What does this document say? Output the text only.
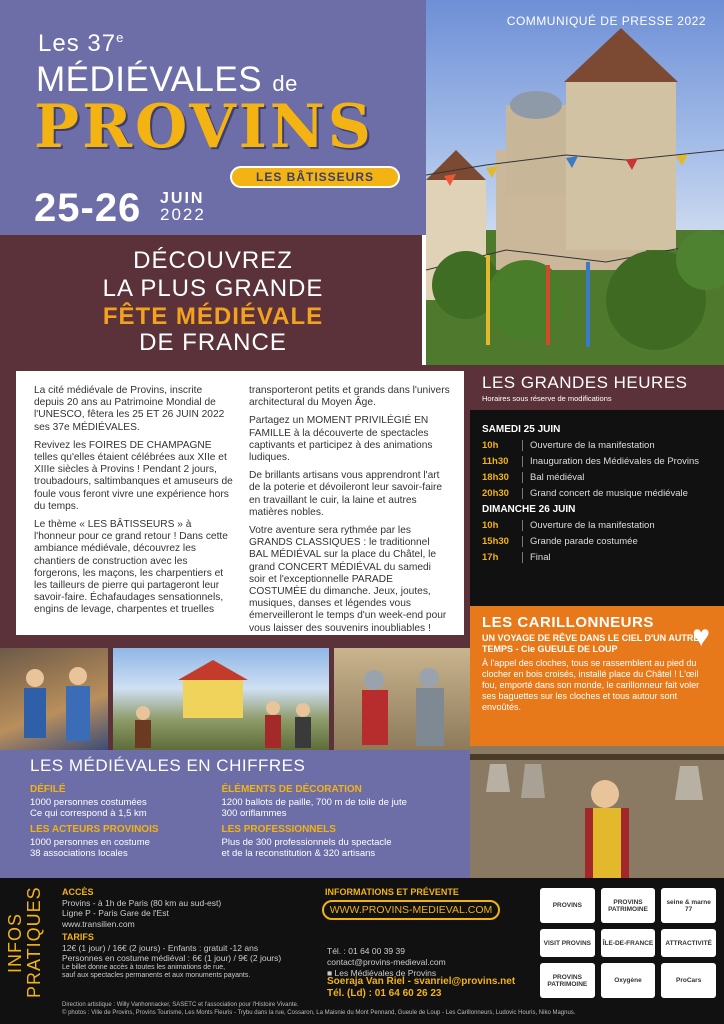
Les 37e
MÉDIÉVALES de
PROVINS
LES BÂTISSEURS
25-26 JUIN
2022
COMMUNIQUÉ DE PRESSE 2022
DÉCOUVREZ
LA PLUS GRANDE
FÊTE MÉDIÉVALE
DE FRANCE

La cité médiévale de Provins, inscrite depuis 20 ans au Patrimoine Mondial de l'UNESCO, fêtera les 25 ET 26 JUIN 2022 ses 37e MÉDIÉVALES.

Revivez les FOIRES DE CHAMPAGNE telles qu'elles étaient célébrées aux XIIe et XIIIe siècles à Provins ! Pendant 2 jours, troubadours, saltimbanques et amuseurs de foule vous feront vivre une expérience hors du temps.

Le thème « LES BÂTISSEURS » à l'honneur pour ce grand retour ! Dans cette ambiance médiévale, découvrez les chantiers de construction avec les forgerons, les maçons, les charpentiers et les tailleurs de pierre qui partageront leur savoir-faire. Échafaudages sensationnels, engins de levage, charpentes et truelles

transporteront petits et grands dans l'univers architectural du Moyen Âge.

Partagez un MOMENT PRIVILÉGIÉ EN FAMILLE à la découverte de spectacles captivants et participez à des animations ludiques.

De brillants artisans vous apprendront l'art de la poterie et dévoileront leur savoir-faire en travaillant le cuir, la laine et autres matières nobles.

Votre aventure sera rythmée par les GRANDS CLASSIQUES : le traditionnel BAL MÉDIÉVAL sur la place du Châtel, le grand CONCERT MÉDIÉVAL du samedi soir et l'exceptionnelle PARADE COSTUMÉE du dimanche. Jeux, joutes, musiques, danses et légendes vous émerveilleront le temps d'un week-end pour vous laisser des souvenirs inoubliables !

LES GRANDES HEURES
Horaires sous réserve de modifications
SAMEDI 25 JUIN
10h	Ouverture de la manifestation
11h30	Inauguration des Médiévales de Provins
18h30	Bal médiéval
20h30	Grand concert de musique médiévale
DIMANCHE 26 JUIN
10h	Ouverture de la manifestation
15h30	Grande parade costumée
17h	Final
LES CARILLONNEURS
UN VOYAGE DE RÊVE DANS LE CIEL D'UN AUTRE TEMPS - Cie GUEULE DE LOUP
À l'appel des cloches, tous se rassemblent au pied du clocher en bois croisés, installé place du Châtel ! L'œil fou, emporté dans son monde, le carillonneur fait voler ses baguettes sur les cloches et tous autour sont envoûtés.
♥
LES MÉDIÉVALES EN CHIFFRES
DÉFILÉ
1000 personnes costumées
Ce qui correspond à 1,5 km
LES ACTEURS PROVINOIS
1000 personnes en costume
38 associations locales
ÉLÉMENTS DE DÉCORATION
1200 ballots de paille, 700 m de toile de jute
300 oriflammes
LES PROFESSIONNELS
Plus de 300 professionnels du spectacle
et de la reconstitution & 320 artisans
INFOS PRATIQUES ACCÈS
Provins - à 1h de Paris (80 km au sud-est)
Ligne P - Paris Gare de l'Est
www.transilien.com
TARIFS
12€ (1 jour) / 16€ (2 jours) - Enfants : gratuit -12 ans
Personnes en costume médiéval : 6€ (1 jour) / 9€ (2 jours)
Le billet donne accès à toutes les animations de rue,
sauf aux spectacles permanents et aux monuments payants.
INFORMATIONS ET PRÉVENTE
WWW.PROVINS-MEDIEVAL.COM
Tél. : 01 64 00 39 39
contact@provins-medieval.com
■ Les Médiévales de Provins
Soeraja Van Riel - svanriel@provins.net
Tél. (Ld) : 01 64 60 26 23
PROVINS	PROVINS PATRIMOINE
seine & marne 77
VISIT PROVINS	ÎLE-DE-FRANCE	ATTRACTIVITÉ
PROVINS PATRIMOINE	Oxygène	ProCars
Direction artistique : Willy Vanhonnacker, SASETC et l'association pour l'Histoire Vivante.
© photos : Ville de Provins, Provins Tourisme, Les Monts Fleuris - Trybu dans la rue, Cossaron, La Maisnie du Mont Pennand, Gueule de Loup - Les Carillonneurs, Ludovic Houris, Niko Magnus.
